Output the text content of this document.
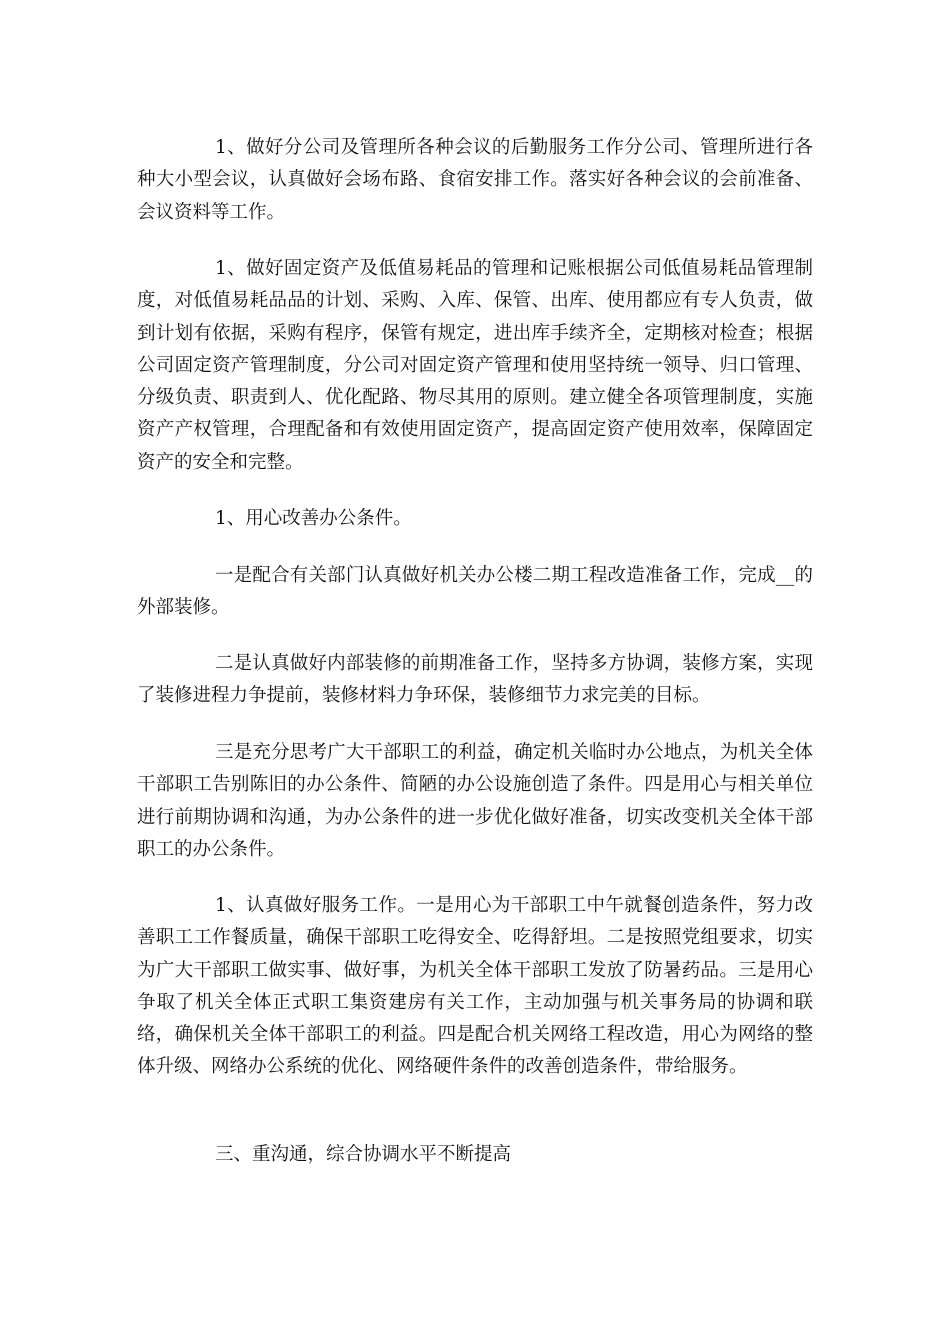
1、做好分公司及管理所各种会议的后勤服务工作分公司、管理所进行各种大小型会议，认真做好会场布路、食宿安排工作。落实好各种会议的会前准备、会议资料等工作。

1、做好固定资产及低值易耗品的管理和记账根据公司低值易耗品管理制度，对低值易耗品品的计划、采购、入库、保管、出库、使用都应有专人负责，做到计划有依据，采购有程序，保管有规定，进出库手续齐全，定期核对检查；根据公司固定资产管理制度，分公司对固定资产管理和使用坚持统一领导、归口管理、分级负责、职责到人、优化配路、物尽其用的原则。建立健全各项管理制度，实施资产产权管理，合理配备和有效使用固定资产，提高固定资产使用效率，保障固定资产的安全和完整。

1、用心改善办公条件。

一是配合有关部门认真做好机关办公楼二期工程改造准备工作，完成__的外部装修。

二是认真做好内部装修的前期准备工作，坚持多方协调，装修方案，实现了装修进程力争提前，装修材料力争环保，装修细节力求完美的目标。

三是充分思考广大干部职工的利益，确定机关临时办公地点，为机关全体干部职工告别陈旧的办公条件、简陋的办公设施创造了条件。四是用心与相关单位进行前期协调和沟通，为办公条件的进一步优化做好准备，切实改变机关全体干部职工的办公条件。

1、认真做好服务工作。一是用心为干部职工中午就餐创造条件，努力改善职工工作餐质量，确保干部职工吃得安全、吃得舒坦。二是按照党组要求，切实为广大干部职工做实事、做好事，为机关全体干部职工发放了防暑药品。三是用心争取了机关全体正式职工集资建房有关工作，主动加强与机关事务局的协调和联络，确保机关全体干部职工的利益。四是配合机关网络工程改造，用心为网络的整体升级、网络办公系统的优化、网络硬件条件的改善创造条件，带给服务。

三、重沟通，综合协调水平不断提高
